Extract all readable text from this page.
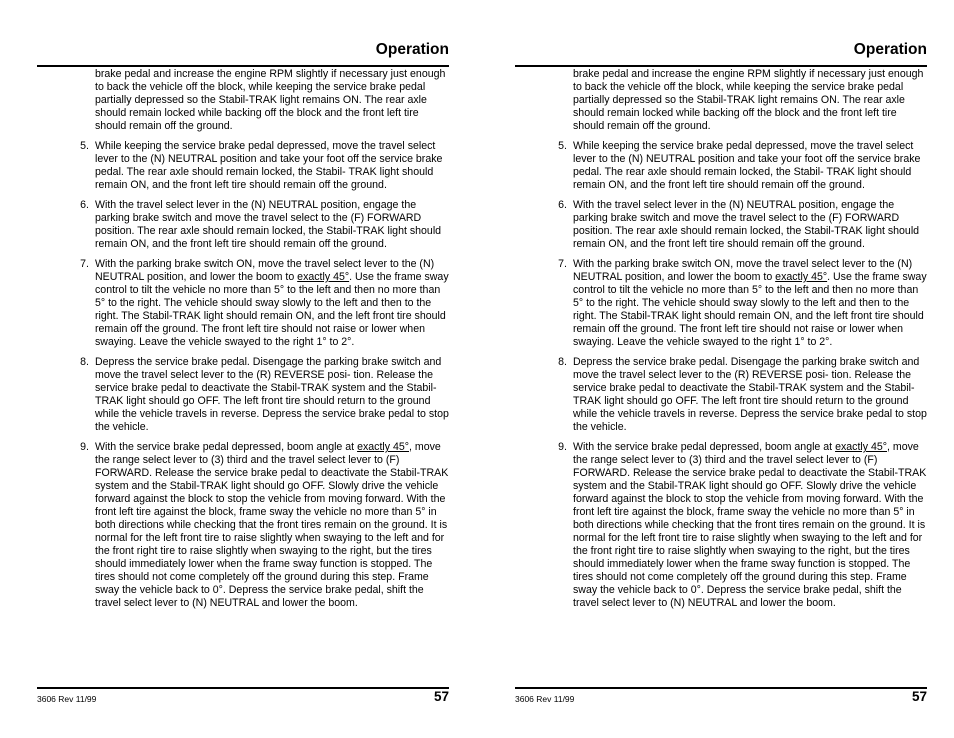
Operation

brake pedal and increase the engine RPM slightly if necessary just enough to back the vehicle off the block, while keeping the service brake pedal partially depressed so the Stabil-TRAK light remains ON. The rear axle should remain locked while backing off the block and the front left tire should remain off the ground.

5. While keeping the service brake pedal depressed, move the travel select lever to the (N) NEUTRAL position and take your foot off the service brake pedal. The rear axle should remain locked, the Stabil- TRAK light should remain ON, and the front left tire should remain off the ground.
6. With the travel select lever in the (N) NEUTRAL position, engage the parking brake switch and move the travel select to the (F) FORWARD position. The rear axle should remain locked, the Stabil-TRAK light should remain ON, and the front left tire should remain off the ground.
7. With the parking brake switch ON, move the travel select lever to the (N) NEUTRAL position, and lower the boom to exactly 45°. Use the frame sway control to tilt the vehicle no more than 5° to the left and then no more than 5° to the right. The vehicle should sway slowly to the left and then to the right. The Stabil-TRAK light should remain ON, and the left front tire should remain off the ground. The front left tire should not raise or lower when swaying. Leave the vehicle swayed to the right 1° to 2°.
8. Depress the service brake pedal. Disengage the parking brake switch and move the travel select lever to the (R) REVERSE posi- tion. Release the service brake pedal to deactivate the Stabil-TRAK system and the Stabil-TRAK light should go OFF. The left front tire should return to the ground while the vehicle travels in reverse. Depress the service brake pedal to stop the vehicle.
9. With the service brake pedal depressed, boom angle at exactly 45°, move the range select lever to (3) third and the travel select lever to (F) FORWARD. Release the service brake pedal to deactivate the Stabil-TRAK system and the Stabil-TRAK light should go OFF. Slowly drive the vehicle forward against the block to stop the vehicle from moving forward. With the front left tire against the block, frame sway the vehicle no more than 5° in both directions while checking that the front tires remain on the ground. It is normal for the left front tire to raise slightly when swaying to the left and for the front right tire to raise slightly when swaying to the right, but the tires should immediately lower when the frame sway function is stopped. The tires should not come completely off the ground during this step. Frame sway the vehicle back to 0°. Depress the service brake pedal, shift the travel select lever to (N) NEUTRAL and lower the boom.
3606 Rev 11/99	57
Operation

brake pedal and increase the engine RPM slightly if necessary just enough to back the vehicle off the block, while keeping the service brake pedal partially depressed so the Stabil-TRAK light remains ON. The rear axle should remain locked while backing off the block and the front left tire should remain off the ground.

5. While keeping the service brake pedal depressed, move the travel select lever to the (N) NEUTRAL position and take your foot off the service brake pedal. The rear axle should remain locked, the Stabil- TRAK light should remain ON, and the front left tire should remain off the ground.
6. With the travel select lever in the (N) NEUTRAL position, engage the parking brake switch and move the travel select to the (F) FORWARD position. The rear axle should remain locked, the Stabil-TRAK light should remain ON, and the front left tire should remain off the ground.
7. With the parking brake switch ON, move the travel select lever to the (N) NEUTRAL position, and lower the boom to exactly 45°. Use the frame sway control to tilt the vehicle no more than 5° to the left and then no more than 5° to the right. The vehicle should sway slowly to the left and then to the right. The Stabil-TRAK light should remain ON, and the left front tire should remain off the ground. The front left tire should not raise or lower when swaying. Leave the vehicle swayed to the right 1° to 2°.
8. Depress the service brake pedal. Disengage the parking brake switch and move the travel select lever to the (R) REVERSE posi- tion. Release the service brake pedal to deactivate the Stabil-TRAK system and the Stabil-TRAK light should go OFF. The left front tire should return to the ground while the vehicle travels in reverse. Depress the service brake pedal to stop the vehicle.
9. With the service brake pedal depressed, boom angle at exactly 45°, move the range select lever to (3) third and the travel select lever to (F) FORWARD. Release the service brake pedal to deactivate the Stabil-TRAK system and the Stabil-TRAK light should go OFF. Slowly drive the vehicle forward against the block to stop the vehicle from moving forward. With the front left tire against the block, frame sway the vehicle no more than 5° in both directions while checking that the front tires remain on the ground. It is normal for the left front tire to raise slightly when swaying to the left and for the front right tire to raise slightly when swaying to the right, but the tires should immediately lower when the frame sway function is stopped. The tires should not come completely off the ground during this step. Frame sway the vehicle back to 0°. Depress the service brake pedal, shift the travel select lever to (N) NEUTRAL and lower the boom.
3606 Rev 11/99	57
